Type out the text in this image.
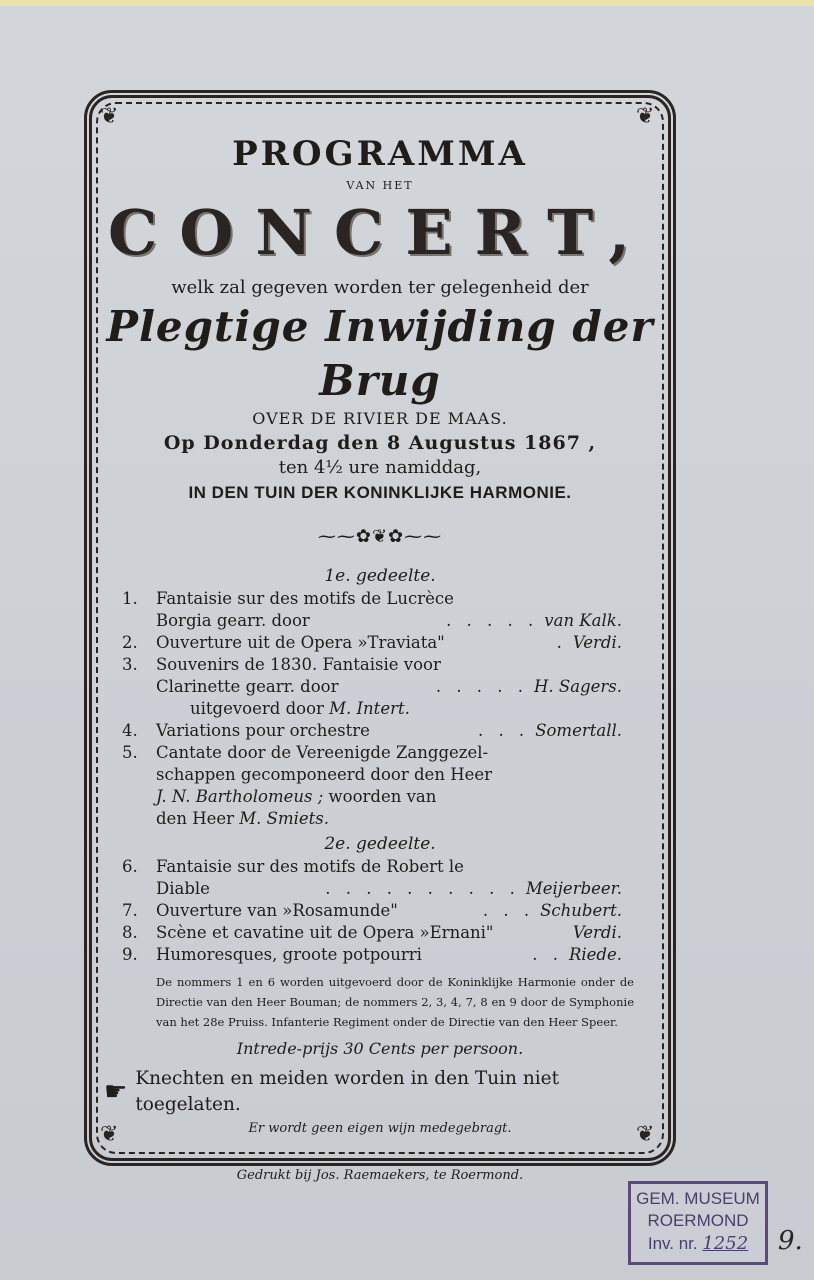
❦	❦
❦	❦
PROGRAMMA
VAN HET
CONCERT,
welk zal gegeven worden ter gelegenheid der
Plegtige Inwijding der Brug
OVER DE RIVIER DE MAAS.
Op Donderdag den 8 Augustus 1867 ,
ten 4½ ure namiddag,
IN DEN TUIN DER KONINKLIJKE HARMONIE.
⁓⁓✿❦✿⁓⁓
1e. gedeelte.
1.	Fantaisie sur des motifs de Lucrèce
Borgia gearr. door	. . . . . van Kalk.
2.	Ouverture uit de Opera »Traviata"	. Verdi.
3.	Souvenirs de 1830. Fantaisie voor
Clarinette gearr. door	. . . . . H. Sagers.
uitgevoerd door M. Intert.
4.	Variations pour orchestre	. . . Somertall.
5.	Cantate door de Vereenigde Zanggezel-
schappen gecomponeerd door den Heer
J. N. Bartholomeus ; woorden van
den Heer M. Smiets.
2e. gedeelte.
6.	Fantaisie sur des motifs de Robert le
Diable	. . . . . . . . . . Meijerbeer.
7.	Ouverture van »Rosamunde"	. . . Schubert.
8.	Scène et cavatine uit de Opera »Ernani"	Verdi.
9.	Humoresques, groote potpourri	. . Riede.
De nommers 1 en 6 worden uitgevoerd door de Koninklijke Harmonie onder de Directie van den Heer Bouman; de nommers 2, 3, 4, 7, 8 en 9 door de Symphonie van het 28e Pruiss. Infanterie Regiment onder de Directie van den Heer Speer.
Intrede-prijs 30 Cents per persoon.
☛ Knechten en meiden worden in den Tuin niet toegelaten.
Er wordt geen eigen wijn medegebragt.
Gedrukt bij Jos. Raemaekers, te Roermond.
GEM. MUSEUM
ROERMOND
Inv. nr. 1252	9.
